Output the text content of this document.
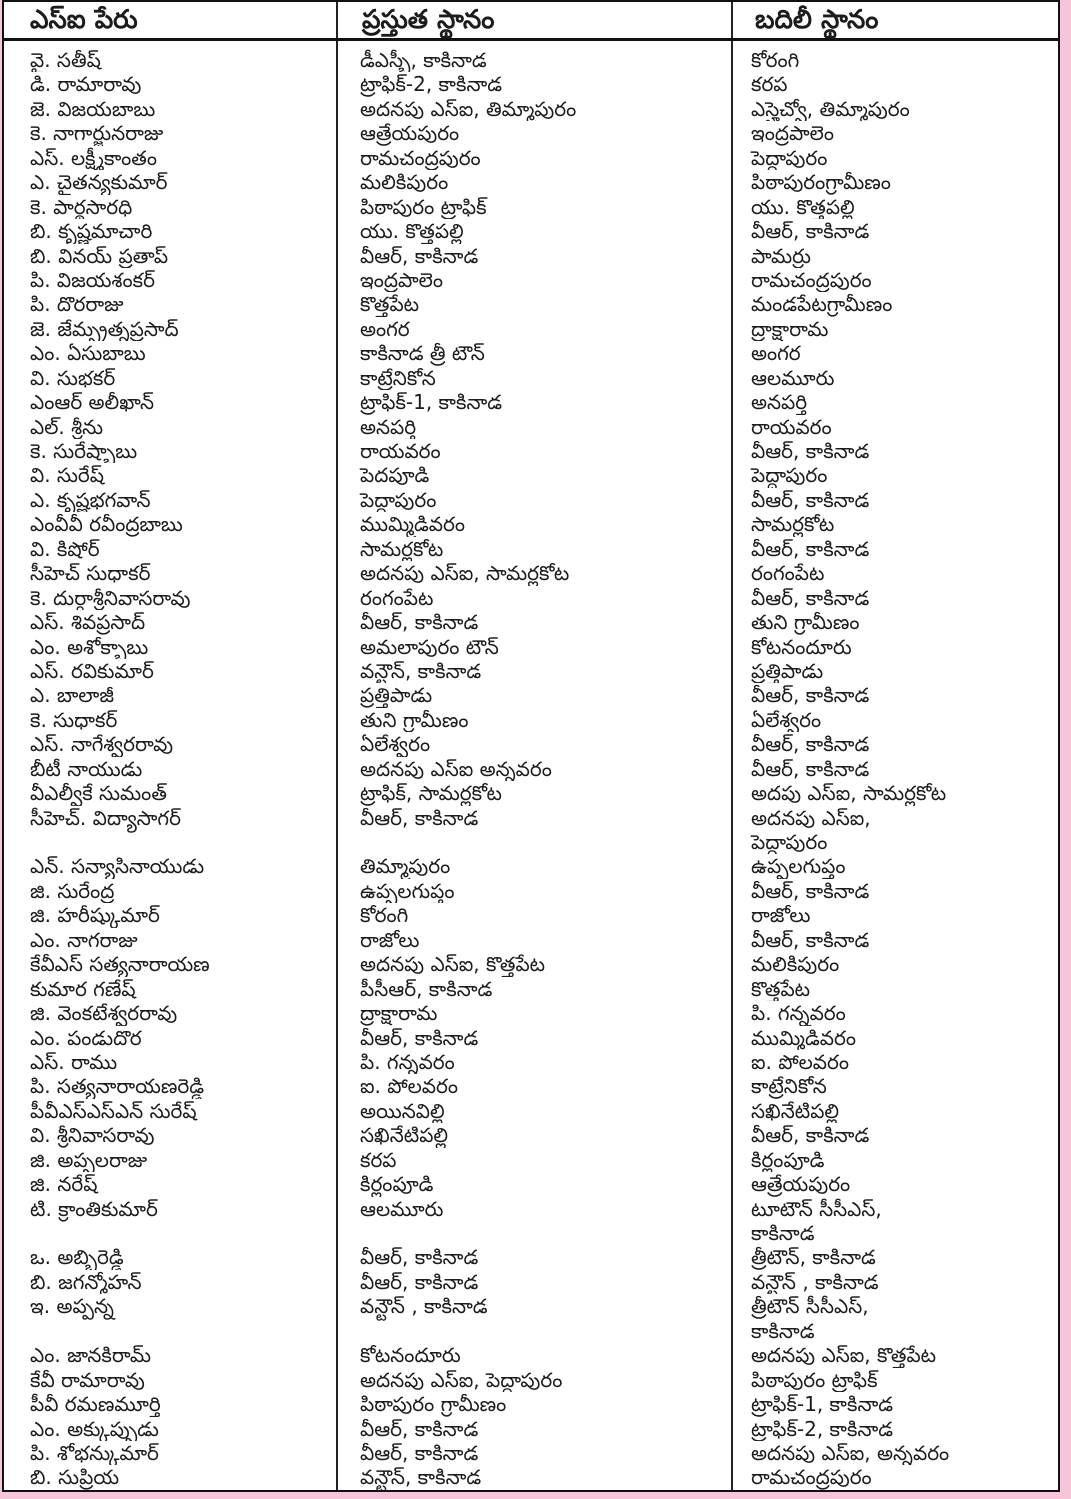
ఎస్ఐ పేరు	ప్రస్తుత స్థానం	బదిలీ స్థానం
వై. సతీష్	డీఎస్బీ, కాకినాడ	కోరంగి
డి. రామారావు	ట్రాఫిక్-2, కాకినాడ	కరప
జె. విజయబాబు	అదనపు ఎస్ఐ, తిమ్మాపురం	ఎస్హెచ్వో, తిమ్మాపురం
కె. నాగార్జునరాజు	ఆత్రేయపురం	ఇంద్రపాలెం
ఎస్. లక్ష్మీకాంతం	రామచంద్రపురం	పెద్దాపురం
ఎ. చైతన్యకుమార్	మలికిపురం	పిఠాపురంగ్రామీణం
కె. పార్థసారధి	పిఠాపురం ట్రాఫిక్	యు. కొత్తపల్లి
బి. కృష్ణమాచారి	యు. కొత్తపల్లి	వీఆర్, కాకినాడ
బి. వినయ్ ప్రతాప్	వీఆర్, కాకినాడ	పామర్రు
పి. విజయశంకర్	ఇంద్రపాలెం	రామచంద్రపురం
పి. దొరరాజు	కొత్తపేట	మండపేటగ్రామీణం
జె. జేమ్స్రత్నప్రసాద్	అంగర	ద్రాక్షారామ
ఎం. ఏసుబాబు	కాకినాడ త్రీ టౌన్	అంగర
వి. సుభకర్	కాట్రేనికోన	ఆలమూరు
ఎంఆర్ అలీఖాన్	ట్రాఫిక్-1, కాకినాడ	అనపర్తి
ఎల్. శ్రీను	అనపర్తి	రాయవరం
కె. సురేష్బాబు	రాయవరం	వీఆర్, కాకినాడ
వి. సురేష్	పెదపూడి	పెద్దాపురం
ఎ. కృష్ణభగవాన్	పెద్దాపురం	వీఆర్, కాకినాడ
ఎంవీవీ రవీంద్రబాబు	ముమ్మిడివరం	సామర్లకోట
వి. కిషోర్	సామర్లకోట	వీఆర్, కాకినాడ
సీహెచ్ సుధాకర్	అదనపు ఎస్ఐ, సామర్లకోట	రంగంపేట
కె. దుర్గాశ్రీనివాసరావు	రంగంపేట	వీఆర్, కాకినాడ
ఎస్. శివప్రసాద్	వీఆర్, కాకినాడ	తుని గ్రామీణం
ఎం. అశోక్బాబు	అమలాపురం టౌన్	కోటనందూరు
ఎస్. రవికుమార్	వన్టౌన్, కాకినాడ	ప్రత్తిపాడు
ఎ. బాలాజీ	ప్రత్తిపాడు	వీఆర్, కాకినాడ
కె. సుధాకర్	తుని గ్రామీణం	ఏలేశ్వరం
ఎస్. నాగేశ్వరరావు	ఏలేశ్వరం	వీఆర్, కాకినాడ
బీటీ నాయుడు	అదనపు ఎస్ఐ అన్నవరం	వీఆర్, కాకినాడ
వీఎల్వీకే సుమంత్	ట్రాఫిక్, సామర్లకోట	అదపు ఎస్ఐ, సామర్లకోట
సీహెచ్. విద్యాసాగర్	వీఆర్, కాకినాడ	అదనపు ఎస్ఐ,
పెద్దాపురం
ఎన్. సన్యాసినాయుడు	తిమ్మాపురం	ఉప్పలగుప్తం
జి. సురేంద్ర	ఉప్పలగుప్తం	వీఆర్, కాకినాడ
జి. హరీష్కుమార్	కోరంగి	రాజోలు
ఎం. నాగరాజు	రాజోలు	వీఆర్, కాకినాడ
కేవీఎస్ సత్యనారాయణ	అదనపు ఎస్ఐ, కొత్తపేట	మలికిపురం
కుమార గణేష్	పీసీఆర్, కాకినాడ	కొత్తపేట
జి. వెంకటేశ్వరరావు	ద్రాక్షారామ	పి. గన్నవరం
ఎం. పండుదొర	వీఆర్, కాకినాడ	ముమ్మిడివరం
ఎస్. రాము	పి. గన్నవరం	ఐ. పోలవరం
పి. సత్యనారాయణరెడ్డి	ఐ. పోలవరం	కాట్రేనికోన
పీవీఎస్ఎస్ఎన్ సురేష్	అయినవిల్లి	సఖినేటిపల్లి
వి. శ్రీనివాసరావు	సఖినేటిపల్లి	వీఆర్, కాకినాడ
జి. అప్పలరాజు	కరప	కిర్లంపూడి
జి. నరేష్	కిర్లంపూడి	ఆత్రేయపురం
టి. క్రాంతికుమార్	ఆలమూరు	టూటౌన్ సీసీఎస్,
కాకినాడ
ఒ. అబ్బిరెడ్డి	వీఆర్, కాకినాడ	త్రీటౌన్, కాకినాడ
బి. జగన్మోహన్	వీఆర్, కాకినాడ	వన్టౌన్ , కాకినాడ
ఇ. అప్పన్న	వన్టౌన్ , కాకినాడ	త్రీటౌన్ సీసీఎస్,
కాకినాడ
ఎం. జానకిరామ్	కోటనందూరు	అదనపు ఎస్ఐ, కొత్తపేట
కేవీ రామారావు	అదనపు ఎస్ఐ, పెద్దాపురం	పిఠాపురం ట్రాఫిక్
పీవీ రమణమూర్తి	పిఠాపురం గ్రామీణం	ట్రాఫిక్-1, కాకినాడ
ఎం. అక్కుప్పుడు	వీఆర్, కాకినాడ	ట్రాఫిక్-2, కాకినాడ
పి. శోభన్కుమార్	వీఆర్, కాకినాడ	అదనపు ఎస్ఐ, అన్నవరం
బి. సుప్రియ	వన్టౌన్, కాకినాడ	రామచంద్రపురం
